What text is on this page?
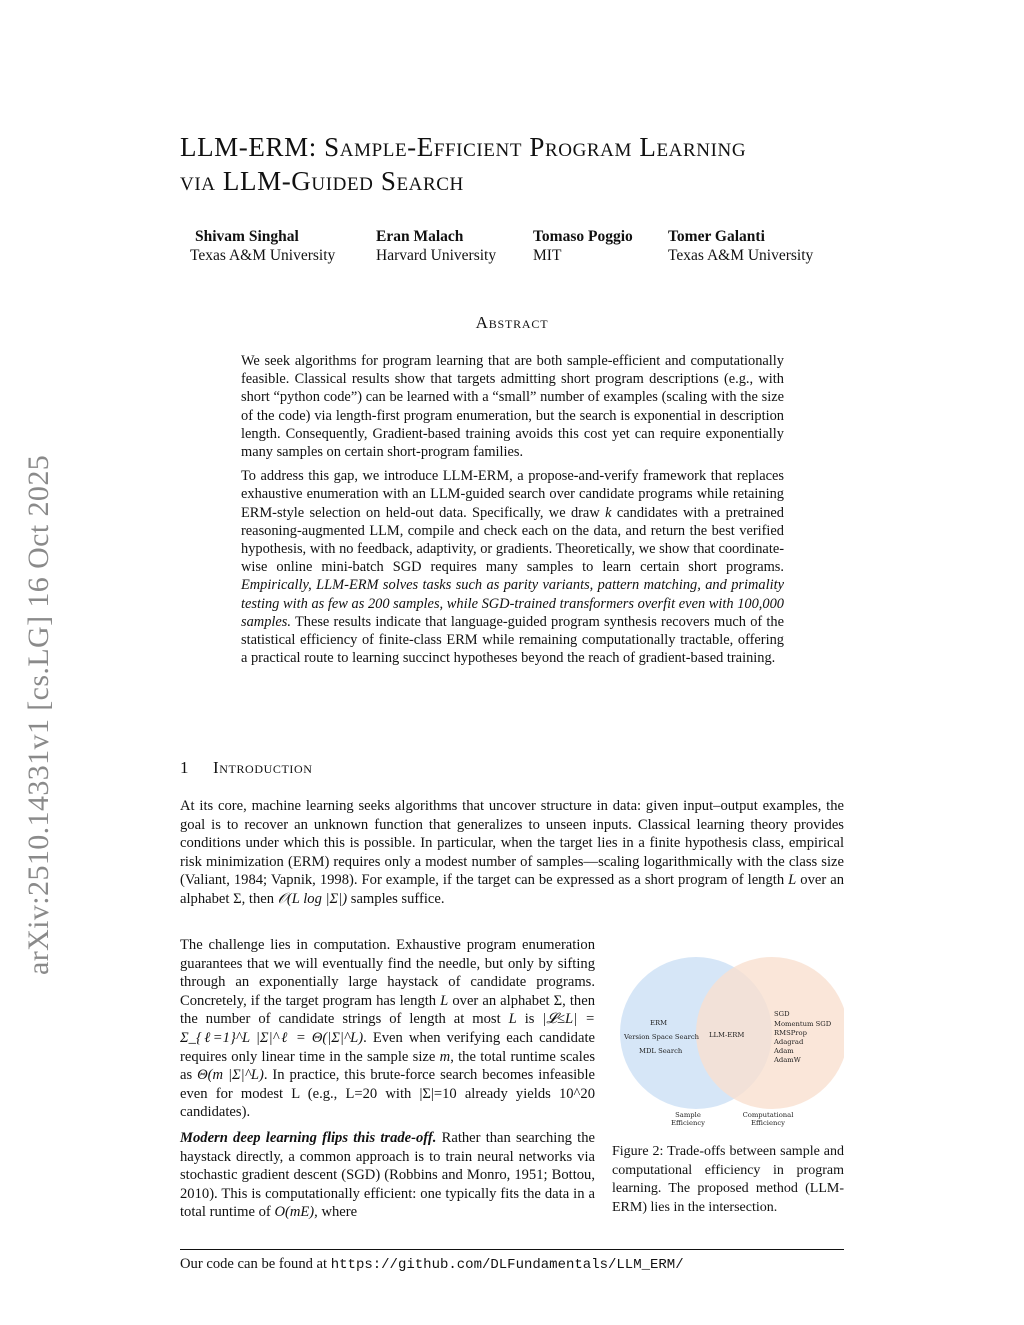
arXiv:2510.14331v1 [cs.LG] 16 Oct 2025
LLM-ERM: Sample-Efficient Program Learning
via LLM-Guided Search
Shivam Singhal
Texas A&M University
Eran Malach
Harvard University
Tomaso Poggio
MIT
Tomer Galanti
Texas A&M University
Abstract

We seek algorithms for program learning that are both sample-efficient and computationally feasible. Classical results show that targets admitting short program descriptions (e.g., with short “python code”) can be learned with a “small” number of examples (scaling with the size of the code) via length-first program enumeration, but the search is exponential in description length. Consequently, Gradient-based training avoids this cost yet can require exponentially many samples on certain short-program families.

To address this gap, we introduce LLM-ERM, a propose-and-verify framework that replaces exhaustive enumeration with an LLM-guided search over candidate programs while retaining ERM-style selection on held-out data. Specifically, we draw k candidates with a pretrained reasoning-augmented LLM, compile and check each on the data, and return the best verified hypothesis, with no feedback, adaptivity, or gradients. Theoretically, we show that coordinate-wise online mini-batch SGD requires many samples to learn certain short programs. Empirically, LLM-ERM solves tasks such as parity variants, pattern matching, and primality testing with as few as 200 samples, while SGD-trained transformers overfit even with 100,000 samples. These results indicate that language-guided program synthesis recovers much of the statistical efficiency of finite-class ERM while remaining computationally tractable, offering a practical route to learning succinct hypotheses beyond the reach of gradient-based training.

1 Introduction

At its core, machine learning seeks algorithms that uncover structure in data: given input–output examples, the goal is to recover an unknown function that generalizes to unseen inputs. Classical learning theory provides conditions under which this is possible. In particular, when the target lies in a finite hypothesis class, empirical risk minimization (ERM) requires only a modest number of samples—scaling logarithmically with the class size (Valiant, 1984; Vapnik, 1998). For example, if the target can be expressed as a short program of length L over an alphabet Σ, then 𝒪(L log |Σ|) samples suffice.

The challenge lies in computation. Exhaustive program enumeration guarantees that we will eventually find the needle, but only by sifting through an exponentially large haystack of candidate programs. Concretely, if the target program has length L over an alphabet Σ, then the number of candidate strings of length at most L is |𝓛≤L| = Σ_{ℓ=1}^L |Σ|^ℓ = Θ(|Σ|^L). Even when verifying each candidate requires only linear time in the sample size m, the total runtime scales as Θ(m |Σ|^L). In practice, this brute-force search becomes infeasible even for modest L (e.g., L=20 with |Σ|=10 already yields 10^20 candidates).

Modern deep learning flips this trade-off. Rather than searching the haystack directly, a common approach is to train neural networks via stochastic gradient descent (SGD) (Robbins and Monro, 1951; Bottou, 2010). This is computationally efficient: one typically fits the data in a total runtime of O(mE), where

ERM
Version Space Search
MDL Search
LLM-ERM
SGD
Momentum SGD
RMSProp
Adagrad
Adam
AdamW
Sample
Efficiency
Computational
Efficiency
Figure 2: Trade-offs between sample and computational efficiency in program learning. The proposed method (LLM-ERM) lies in the intersection.
Our code can be found at https://github.com/DLFundamentals/LLM_ERM/
